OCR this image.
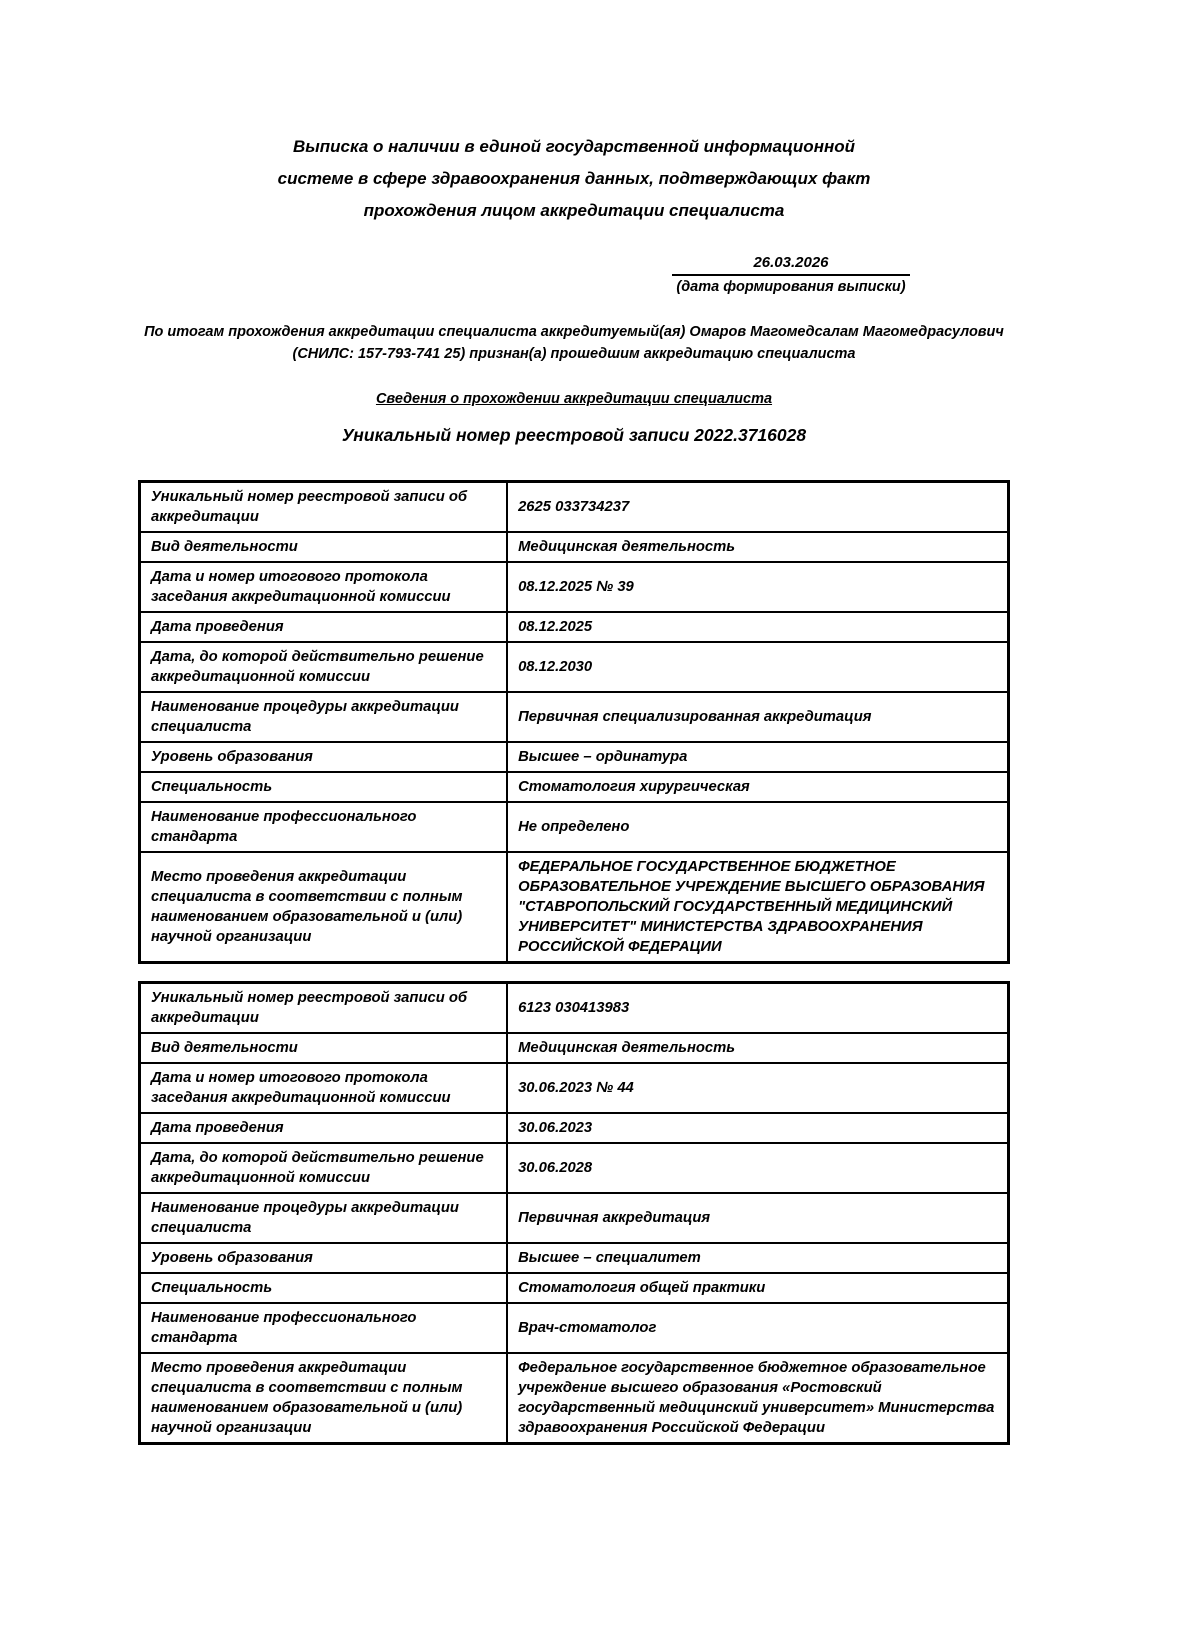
Выписка о наличии в единой государственной информационной
системе в сфере здравоохранения данных, подтверждающих факт
прохождения лицом аккредитации специалиста
26.03.2026
(дата формирования выписки)
По итогам прохождения аккредитации специалиста аккредитуемый(ая) Омаров Магомедсалам Магомедрасулович
(СНИЛС: 157-793-741 25) признан(а) прошедшим аккредитацию специалиста
Сведения о прохождении аккредитации специалиста
Уникальный номер реестровой записи 2022.3716028
Уникальный номер реестровой записи об аккредитации	2625 033734237
Вид деятельности	Медицинская деятельность
Дата и номер итогового протокола заседания аккредитационной комиссии	08.12.2025 № 39
Дата проведения	08.12.2025
Дата, до которой действительно решение аккредитационной комиссии	08.12.2030
Наименование процедуры аккредитации специалиста	Первичная специализированная аккредитация
Уровень образования	Высшее – ординатура
Специальность	Стоматология хирургическая
Наименование профессионального стандарта	Не определено
Место проведения аккредитации специалиста в соответствии с полным наименованием образовательной и (или) научной организации	ФЕДЕРАЛЬНОЕ ГОСУДАРСТВЕННОЕ БЮДЖЕТНОЕ ОБРАЗОВАТЕЛЬНОЕ УЧРЕЖДЕНИЕ ВЫСШЕГО ОБРАЗОВАНИЯ "СТАВРОПОЛЬСКИЙ ГОСУДАРСТВЕННЫЙ МЕДИЦИНСКИЙ УНИВЕРСИТЕТ" МИНИСТЕРСТВА ЗДРАВООХРАНЕНИЯ РОССИЙСКОЙ ФЕДЕРАЦИИ
Уникальный номер реестровой записи об аккредитации	6123 030413983
Вид деятельности	Медицинская деятельность
Дата и номер итогового протокола заседания аккредитационной комиссии	30.06.2023 № 44
Дата проведения	30.06.2023
Дата, до которой действительно решение аккредитационной комиссии	30.06.2028
Наименование процедуры аккредитации специалиста	Первичная аккредитация
Уровень образования	Высшее – специалитет
Специальность	Стоматология общей практики
Наименование профессионального стандарта	Врач-стоматолог
Место проведения аккредитации специалиста в соответствии с полным наименованием образовательной и (или) научной организации	Федеральное государственное бюджетное образовательное учреждение высшего образования «Ростовский государственный медицинский университет» Министерства здравоохранения Российской Федерации
